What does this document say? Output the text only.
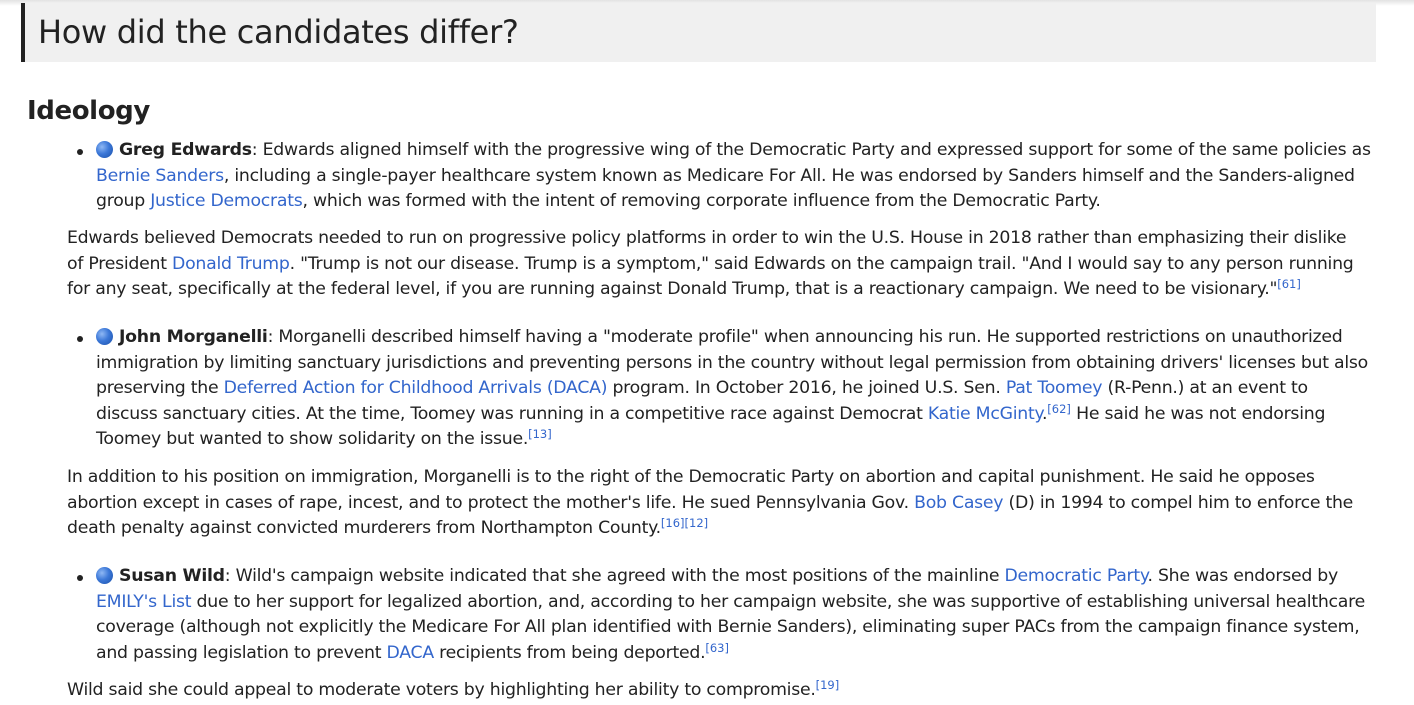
How did the candidates differ?
Ideology

Greg Edwards: Edwards aligned himself with the progressive wing of the Democratic Party and expressed support for some of the same policies as Bernie Sanders, including a single-payer healthcare system known as Medicare For All. He was endorsed by Sanders himself and the Sanders-aligned group Justice Democrats, which was formed with the intent of removing corporate influence from the Democratic Party.

Edwards believed Democrats needed to run on progressive policy platforms in order to win the U.S. House in 2018 rather than emphasizing their dislike of President Donald Trump. "Trump is not our disease. Trump is a symptom," said Edwards on the campaign trail. "And I would say to any person running for any seat, specifically at the federal level, if you are running against Donald Trump, that is a reactionary campaign. We need to be visionary."[61]

John Morganelli: Morganelli described himself having a "moderate profile" when announcing his run. He supported restrictions on unauthorized immigration by limiting sanctuary jurisdictions and preventing persons in the country without legal permission from obtaining drivers' licenses but also preserving the Deferred Action for Childhood Arrivals (DACA) program. In October 2016, he joined U.S. Sen. Pat Toomey (R-Penn.) at an event to discuss sanctuary cities. At the time, Toomey was running in a competitive race against Democrat Katie McGinty.[62] He said he was not endorsing Toomey but wanted to show solidarity on the issue.[13]

In addition to his position on immigration, Morganelli is to the right of the Democratic Party on abortion and capital punishment. He said he opposes abortion except in cases of rape, incest, and to protect the mother's life. He sued Pennsylvania Gov. Bob Casey (D) in 1994 to compel him to enforce the death penalty against convicted murderers from Northampton County.[16][12]

Susan Wild: Wild's campaign website indicated that she agreed with the most positions of the mainline Democratic Party. She was endorsed by EMILY's List due to her support for legalized abortion, and, according to her campaign website, she was supportive of establishing universal healthcare coverage (although not explicitly the Medicare For All plan identified with Bernie Sanders), eliminating super PACs from the campaign finance system, and passing legislation to prevent DACA recipients from being deported.[63]

Wild said she could appeal to moderate voters by highlighting her ability to compromise.[19]
